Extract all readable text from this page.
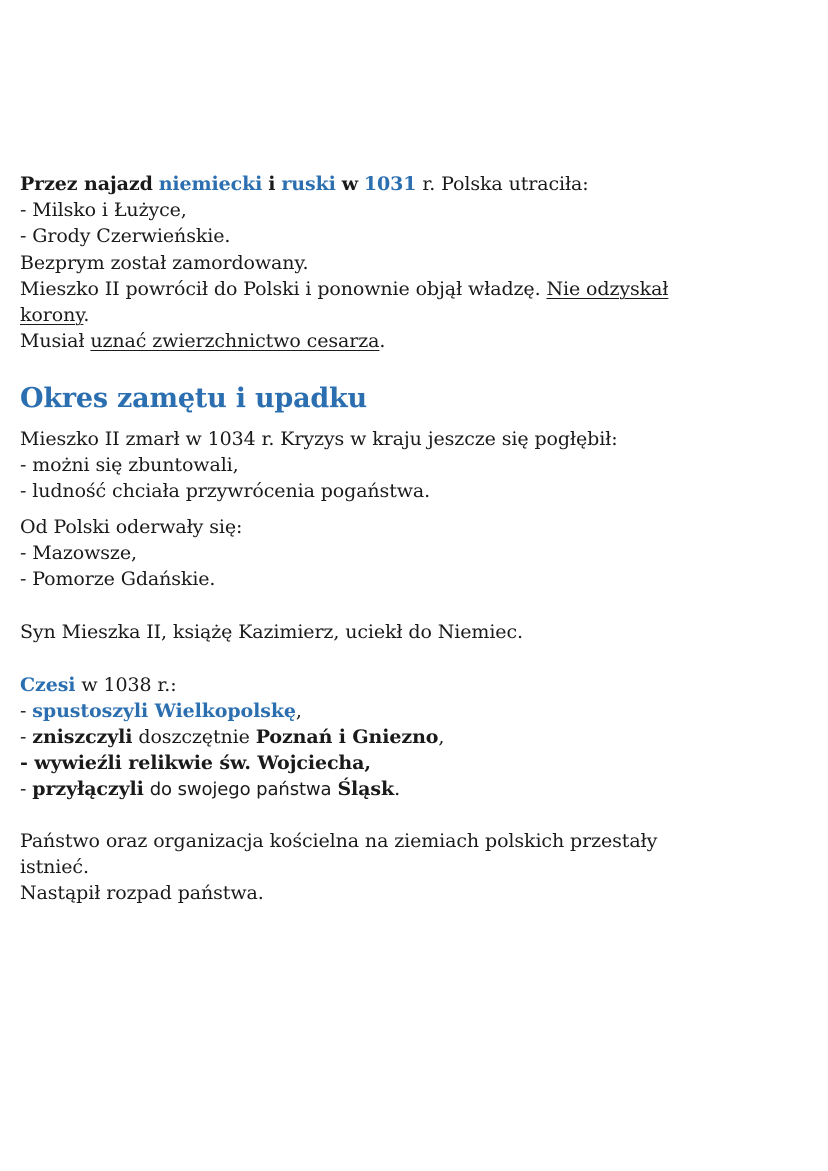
Przez najazd niemiecki i ruski w 1031 r. Polska utraciła:

- Milsko i Łużyce,

- Grody Czerwieńskie.

Bezprym został zamordowany.

Mieszko II powrócił do Polski i ponownie objął władzę. Nie odzyskał

korony.

Musiał uznać zwierzchnictwo cesarza.

Okres zamętu i upadku

Mieszko II zmarł w 1034 r. Kryzys w kraju jeszcze się pogłębił:

- możni się zbuntowali,

- ludność chciała przywrócenia pogaństwa.

Od Polski oderwały się:

- Mazowsze,

- Pomorze Gdańskie.

Syn Mieszka II, książę Kazimierz, uciekł do Niemiec.

Czesi w 1038 r.:

- spustoszyli Wielkopolskę,

- zniszczyli doszczętnie Poznań i Gniezno,

- wywieźli relikwie św. Wojciecha,

- przyłączyli do swojego państwa Śląsk.

Państwo oraz organizacja kościelna na ziemiach polskich przestały

istnieć.

Nastąpił rozpad państwa.
